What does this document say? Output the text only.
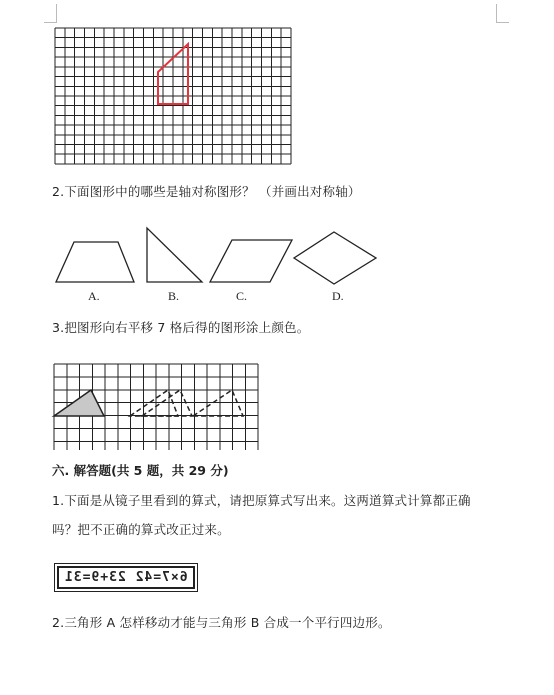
2.下面图形中的哪些是轴对称图形？ （并画出对称轴）
A.	B.	C.	D.
3.把图形向右平移 7 格后得的图形涂上颜色。
六. 解答题(共 5 题，共 29 分)
1.下面是从镜子里看到的算式，请把原算式写出来。这两道算式计算都正确
吗？把不正确的算式改正过来。
6×7=42 23+9=31
2.三角形 A 怎样移动才能与三角形 B 合成一个平行四边形。
